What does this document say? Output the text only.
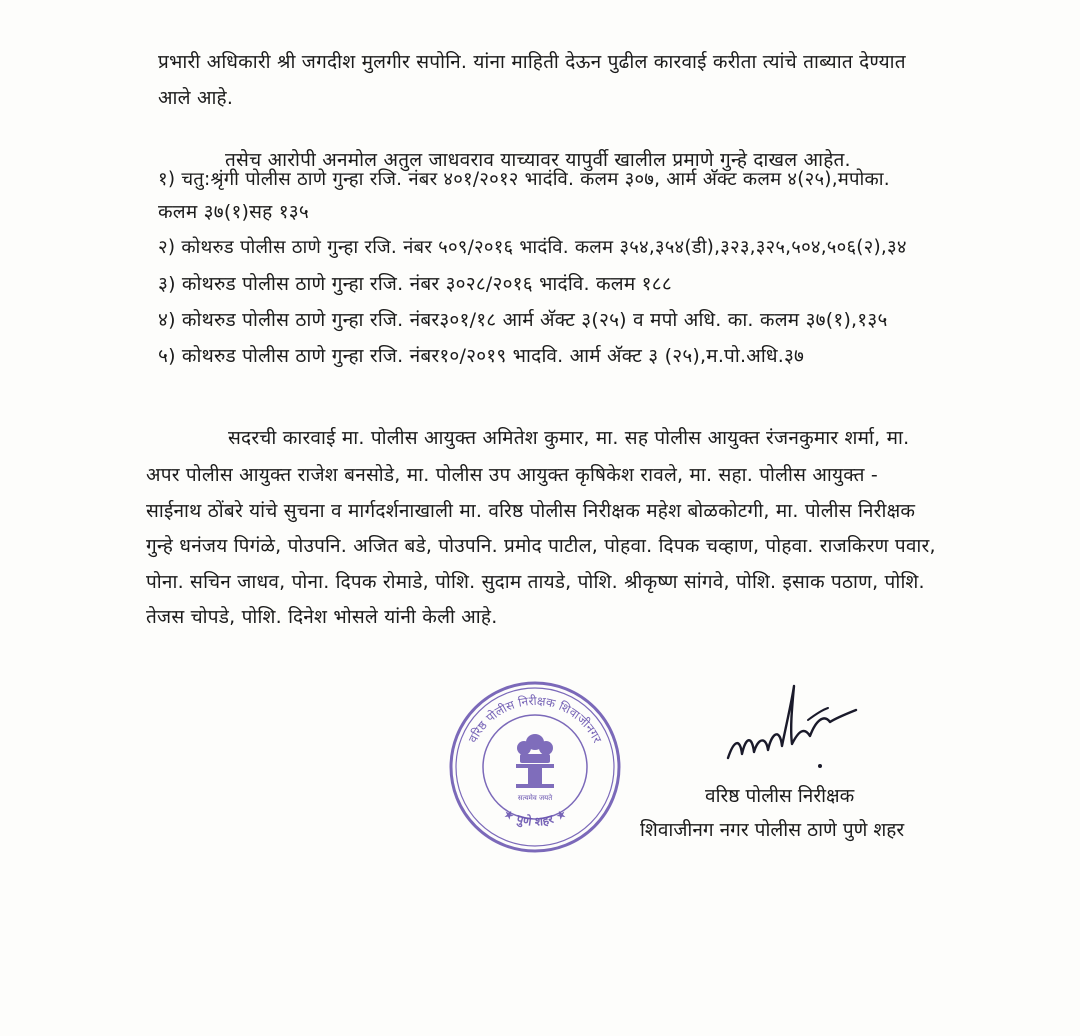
प्रभारी अधिकारी श्री जगदीश मुलगीर सपोनि. यांना माहिती देऊन पुढील कारवाई करीता त्यांचे ताब्यात देण्यात
आले आहे.
तसेच आरोपी अनमोल अतुल जाधवराव याच्यावर यापुर्वी खालील प्रमाणे गुन्हे दाखल आहेत.
१) चतु:श्रृंगी पोलीस ठाणे गुन्हा रजि. नंबर ४०१/२०१२ भादंवि. कलम ३०७, आर्म अ‍ॅक्ट कलम ४(२५),मपोका.
कलम ३७(१)सह १३५
२) कोथरुड पोलीस ठाणे गुन्हा रजि. नंबर ५०९/२०१६ भादंवि. कलम ३५४,३५४(डी),३२३,३२५,५०४,५०६(२),३४
३) कोथरुड पोलीस ठाणे गुन्हा रजि. नंबर ३०२८/२०१६ भादंवि. कलम १८८
४) कोथरुड पोलीस ठाणे गुन्हा रजि. नंबर३०१/१८ आर्म अ‍ॅक्ट ३(२५) व मपो अधि. का. कलम ३७(१),१३५
५) कोथरुड पोलीस ठाणे गुन्हा रजि. नंबर१०/२०१९ भादवि. आर्म अ‍ॅक्ट ३ (२५),म.पो.अधि.३७
सदरची कारवाई मा. पोलीस आयुक्त अमितेश कुमार, मा. सह पोलीस आयुक्त रंजनकुमार शर्मा, मा.
अपर पोलीस आयुक्त राजेश बनसोडे, मा. पोलीस उप आयुक्त कृषिकेश रावले, मा. सहा. पोलीस आयुक्त -
साईनाथ ठोंबरे यांचे सुचना व मार्गदर्शनाखाली मा. वरिष्ठ पोलीस निरीक्षक महेश बोळकोटगी, मा. पोलीस निरीक्षक
गुन्हे धनंजय पिगंळे, पोउपनि. अजित बडे, पोउपनि. प्रमोद पाटील, पोहवा. दिपक चव्हाण, पोहवा. राजकिरण पवार,
पोना. सचिन जाधव, पोना. दिपक रोमाडे, पोशि. सुदाम तायडे, पोशि. श्रीकृष्ण सांगवे, पोशि. इसाक पठाण, पोशि.
तेजस चोपडे, पोशि. दिनेश भोसले यांनी केली आहे.
वरिष्ठ पोलीस निरीक्षक शिवाजीनगर
★ पुणे शहर ★
सत्यमेव जयते	वरिष्ठ पोलीस निरीक्षक
शिवाजीनग नगर पोलीस ठाणे पुणे शहर
